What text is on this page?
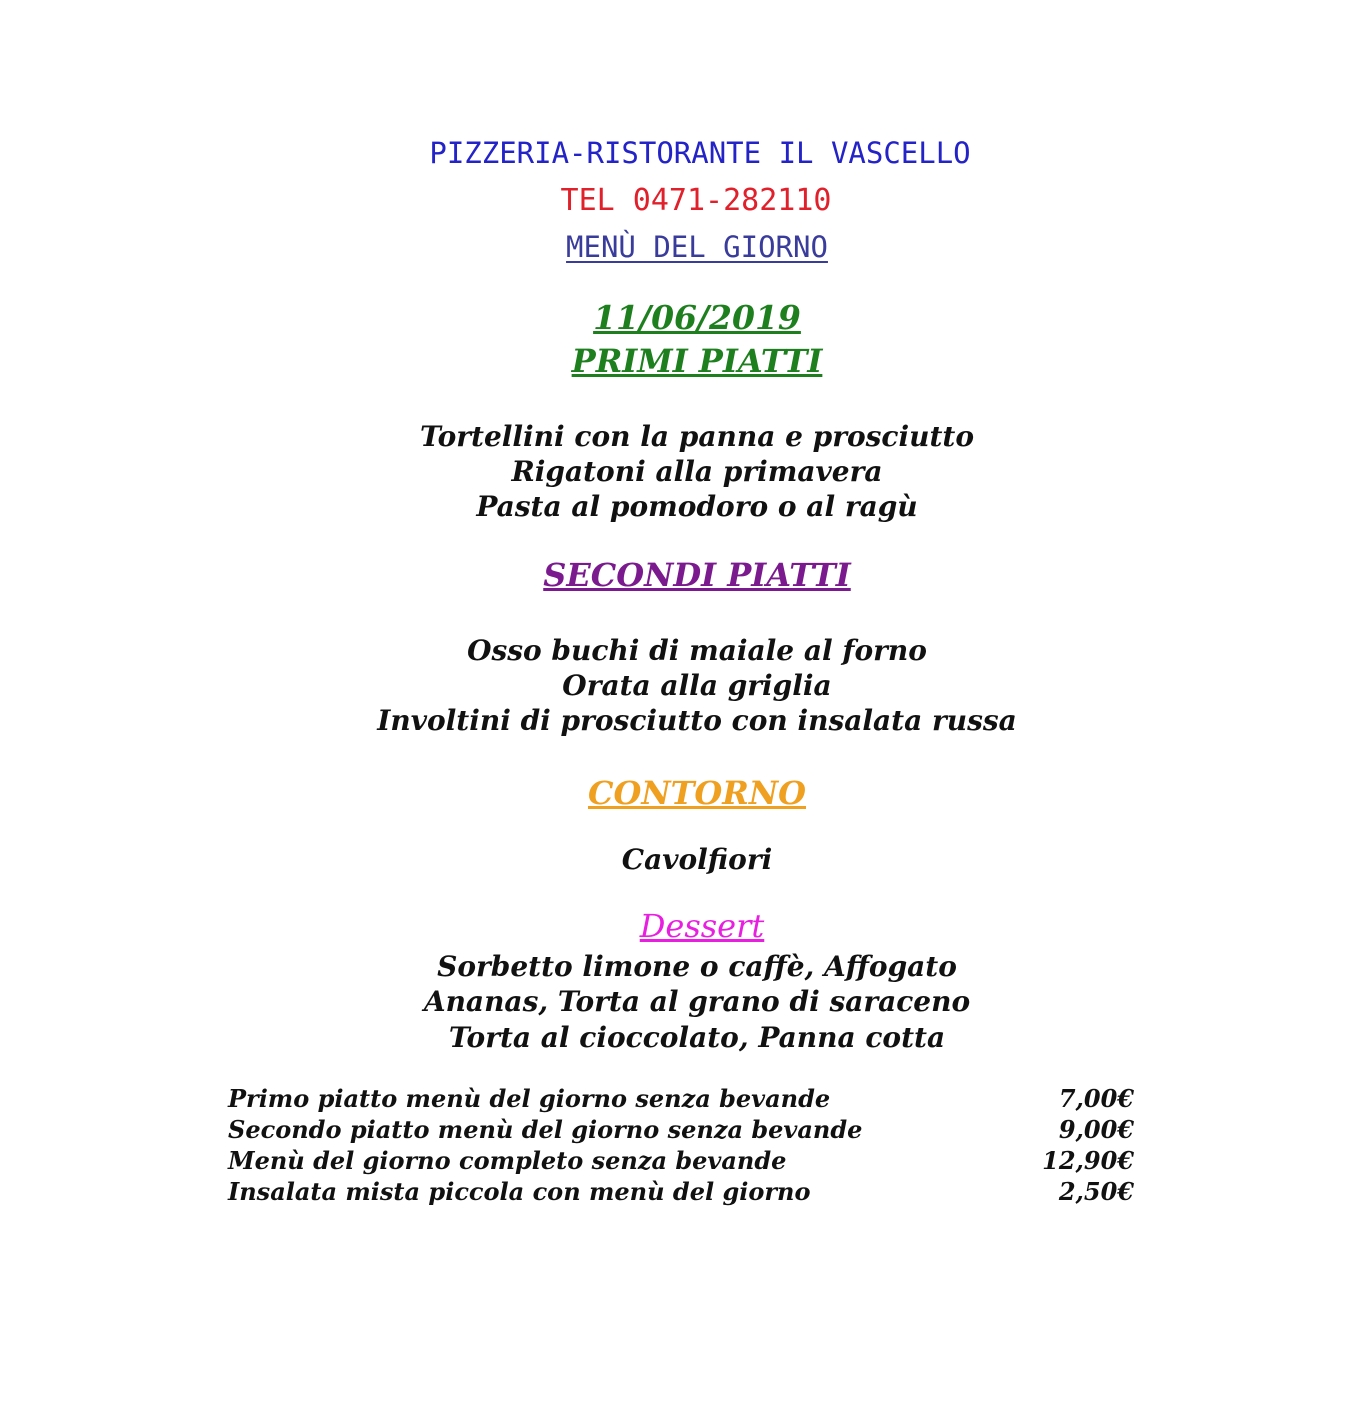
PIZZERIA-RISTORANTE IL VASCELLO
TEL 0471-282110
MENÙ DEL GIORNO
11/06/2019
PRIMI PIATTI
Tortellini con la panna e prosciutto
Rigatoni alla primavera
Pasta al pomodoro o al ragù
SECONDI PIATTI
Osso buchi di maiale al forno
Orata alla griglia
Involtini di prosciutto con insalata russa
CONTORNO
Cavolfiori
Dessert
Sorbetto limone o caffè, Affogato
Ananas, Torta al grano di saraceno
Torta al cioccolato, Panna cotta
Primo piatto menù del giorno senza bevande	7,00€
Secondo piatto menù del giorno senza bevande	9,00€
Menù del giorno completo senza bevande	12,90€
Insalata mista piccola con menù del giorno	2,50€
